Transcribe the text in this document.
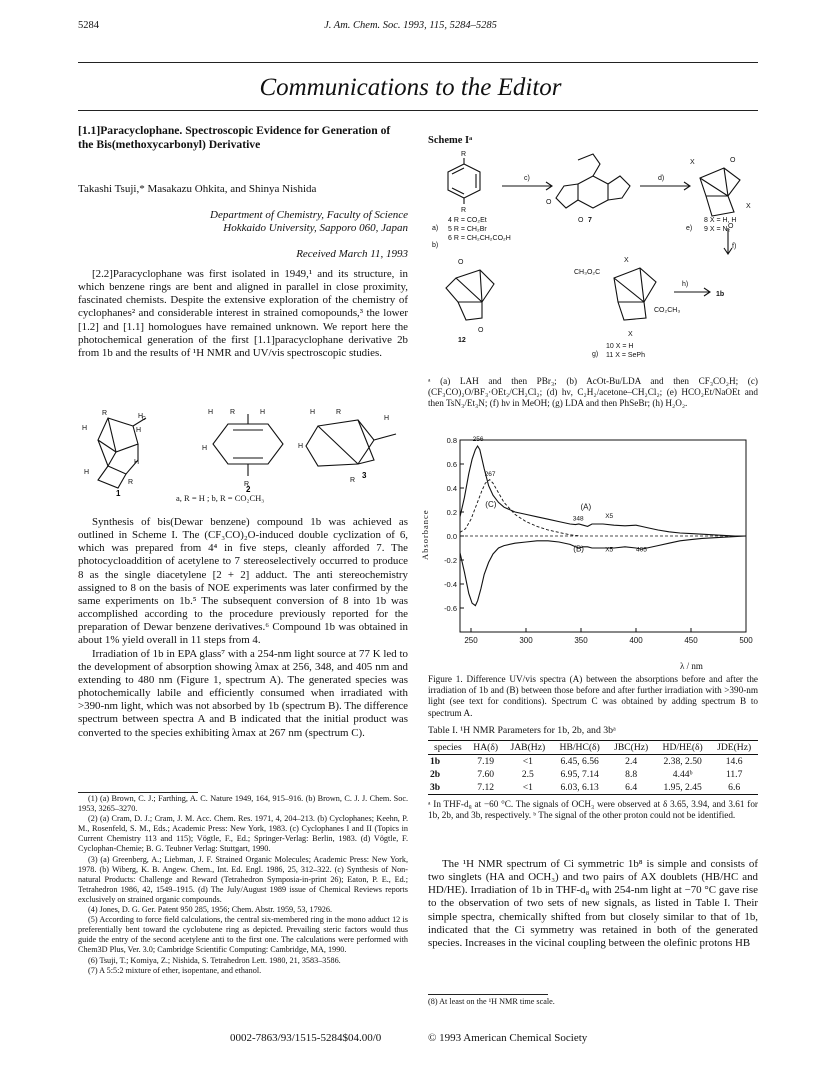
5284	J. Am. Chem. Soc. 1993, 115, 5284–5285
Communications to the Editor
[1.1]Paracyclophane. Spectroscopic Evidence for Generation of the Bis(methoxycarbonyl) Derivative
Takashi Tsuji,* Masakazu Ohkita, and Shinya Nishida
Department of Chemistry, Faculty of Science
Hokkaido University, Sapporo 060, Japan
Received March 11, 1993

[2.2]Paracyclophane was first isolated in 1949,¹ and its structure, in which benzene rings are bent and aligned in parallel in close proximity, fascinated chemists. Despite the extensive exploration of the chemistry of cyclophanes² and considerable interest in strained comopounds,³ the lower [1.2] and [1.1] homologues have remained unknown. We report here the photochemical generation of the first [1.1]paracyclophane derivative 2b from 1b and the results of ¹H NMR and UV/vis spectroscopic studies.

R	H
C
H	H
H
H
R
H R	H
H
R
H	R
H
H
R
1	2
3
a, R = H ; b, R = CO₂CH₃

Synthesis of bis(Dewar benzene) compound 1b was achieved as outlined in Scheme I. The (CF₃CO)₂O-induced double cyclization of 6, which was prepared from 4⁴ in five steps, cleanly afforded 7. The photocycloaddition of acetylene to 7 stereoselectively occurred to produce 8 as the single diacetylene [2 + 2] adduct. The anti stereochemistry assigned to 8 on the basis of NOE experiments was later confirmed by the same experiments on 1b.⁵ The subsequent conversion of 8 into 1b was accomplished according to the procedure previously reported for the preparation of Dewar benzene derivatives.⁶ Compound 1b was obtained in about 1% yield overall in 11 steps from 4.

Irradiation of 1b in EPA glass⁷ with a 254-nm light source at 77 K led to the development of absorption showing λmax at 256, 348, and 405 nm and extending to 480 nm (Figure 1, spectrum A). The generated species was photochemically labile and efficiently consumed when irradiated with >390-nm light, which was not absorbed by 1b (spectrum B). The difference spectrum between spectra A and B indicated that the initial product was converted to the species exhibiting λmax at 267 nm (spectrum C).

(1) (a) Brown, C. J.; Farthing, A. C. Nature 1949, 164, 915–916. (b) Brown, C. J. J. Chem. Soc. 1953, 3265–3270.
(2) (a) Cram, D. J.; Cram, J. M. Acc. Chem. Res. 1971, 4, 204–213. (b) Cyclophanes; Keehn, P. M., Rosenfeld, S. M., Eds.; Academic Press: New York, 1983. (c) Cyclophanes I and II (Topics in Current Chemistry 113 and 115); Vögtle, F., Ed.; Springer-Verlag: Berlin, 1983. (d) Vögtle, F. Cyclophan-Chemie; B. G. Teubner Verlag: Stuttgart, 1990.
(3) (a) Greenberg, A.; Liebman, J. F. Strained Organic Molecules; Academic Press: New York, 1978. (b) Wiberg, K. B. Angew. Chem., Int. Ed. Engl. 1986, 25, 312–322. (c) Synthesis of Non-natural Products: Challenge and Reward (Tetrahedron Symposia-in-print 26); Eaton, P. E., Ed.; Tetrahedron 1986, 42, 1549–1915. (d) The July/August 1989 issue of Chemical Reviews reports exclusively on strained organic compounds.
(4) Jones, D. G. Ger. Patent 950 285, 1956; Chem. Abstr. 1959, 53, 17926.
(5) According to force field calculations, the central six-membered ring in the mono adduct 12 is preferentially bent toward the cyclobutene ring as depicted. Prevailing steric factors would thus guide the entry of the second acetylene anti to the first one. The calculations were performed with Chem3D Plus, Ver. 3.0; Cambridge Scientific Computing: Cambridge, MA, 1990.
(6) Tsuji, T.; Komiya, Z.; Nishida, S. Tetrahedron Lett. 1980, 21, 3583–3586.
(7) A 5:5:2 mixture of ether, isopentane, and ethanol.
Scheme Iᵃ
R
R
c)	d)
f)
h)
1b
O
O
X
X
O
O
O
O
X
X
CH₃O₂C
CO₂CH₃
a)
b)
4 R = CO₂Et
5 R = CH₂Br
6 R = CH₂CH₂CO₂H
7
e)
8 X = H, H
9 X = N₂
12
g)
10 X = H
11 X = SePh
ᵃ (a) LAH and then PBr₃; (b) AcOt-Bu/LDA and then CF₃CO₂H; (c) (CF₃CO)₂O/BF₃·OEt₂/CH₂Cl₂; (d) hν, C₂H₂/acetone–CH₂Cl₂; (e) HCO₂Et/NaOEt and then TsN₃/Et₃N; (f) hν in MeOH; (g) LDA and then PhSeBr; (h) H₂O₂.
250	300	350	400	450	500
0.8
0.6
0.4
0.2
0.0
-0.2
-0.4
-0.6
(A)
(B)
(C)
256
267
348	X5
X5	405
λ / nm
Absorbance
Figure 1. Difference UV/vis spectra (A) between the absorptions before and after the irradiation of 1b and (B) between those before and after further irradiation with >390-nm light (see text for conditions). Spectrum C was obtained by adding spectrum B to spectrum A.
Table I. ¹H NMR Parameters for 1b, 2b, and 3bᵃ
species	HA(δ)	JAB(Hz)	HB/HC(δ)	JBC(Hz)	HD/HE(δ)	JDE(Hz)
1b	7.19	<1	6.45, 6.56	2.4	2.38, 2.50	14.6
2b	7.60	2.5	6.95, 7.14	8.8	4.44ᵇ	11.7
3b	7.12	<1	6.03, 6.13	6.4	1.95, 2.45	6.6
ᵃ In THF-d₈ at −60 °C. The signals of OCH₃ were observed at δ 3.65, 3.94, and 3.61 for 1b, 2b, and 3b, respectively. ᵇ The signal of the other proton could not be identified.

The ¹H NMR spectrum of Ci symmetric 1b⁸ is simple and consists of two singlets (HA and OCH₃) and two pairs of AX doublets (HB/HC and HD/HE). Irradiation of 1b in THF-d₈ with 254-nm light at −70 °C gave rise to the observation of two sets of new signals, as listed in Table I. Their simple spectra, chemically shifted from but closely similar to that of 1b, indicated that the Ci symmetry was retained in both of the generated species. Increases in the vicinal coupling between the olefinic protons HB

(8) At least on the ¹H NMR time scale.
0002-7863/93/1515-5284$04.00/0	© 1993 American Chemical Society
